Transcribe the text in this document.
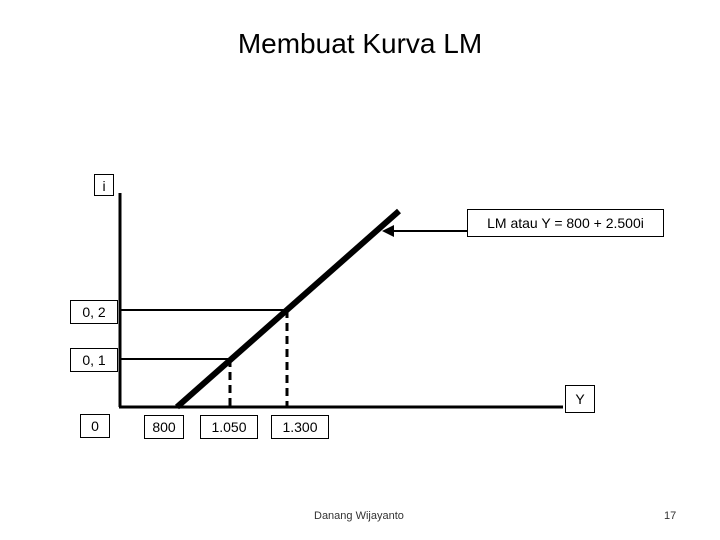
Membuat Kurva LM
i
LM atau Y = 800 + 2.500i
0, 2
0, 1
0
Y
800	1.050	1.300
Danang Wijayanto	17
